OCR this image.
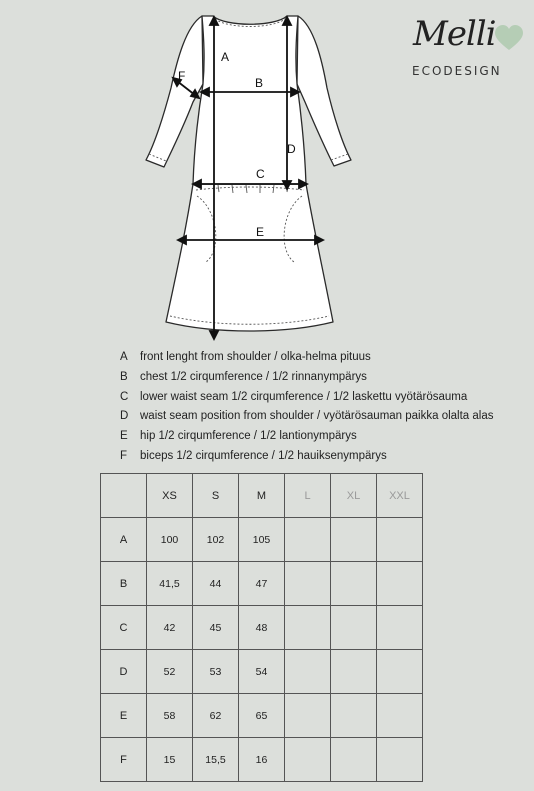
A
B
C
D
E
F
Melli
ECODESIGN
A	front lenght from shoulder / olka-helma pituus
B	chest 1/2 cirqumference / 1/2 rinnanympärys
C	lower waist seam 1/2 cirqumference / 1/2 laskettu vyötärösauma
D	waist seam position from shoulder / vyötärösauman paikka olalta alas
E	hip 1/2 cirqumference / 1/2 lantionympärys
F	biceps 1/2 cirqumference / 1/2 hauiksenympärys
	XS	S	M	L	XL	XXL
A	100	102	105			
B	41,5	44	47			
C	42	45	48			
D	52	53	54			
E	58	62	65			
F	15	15,5	16			
